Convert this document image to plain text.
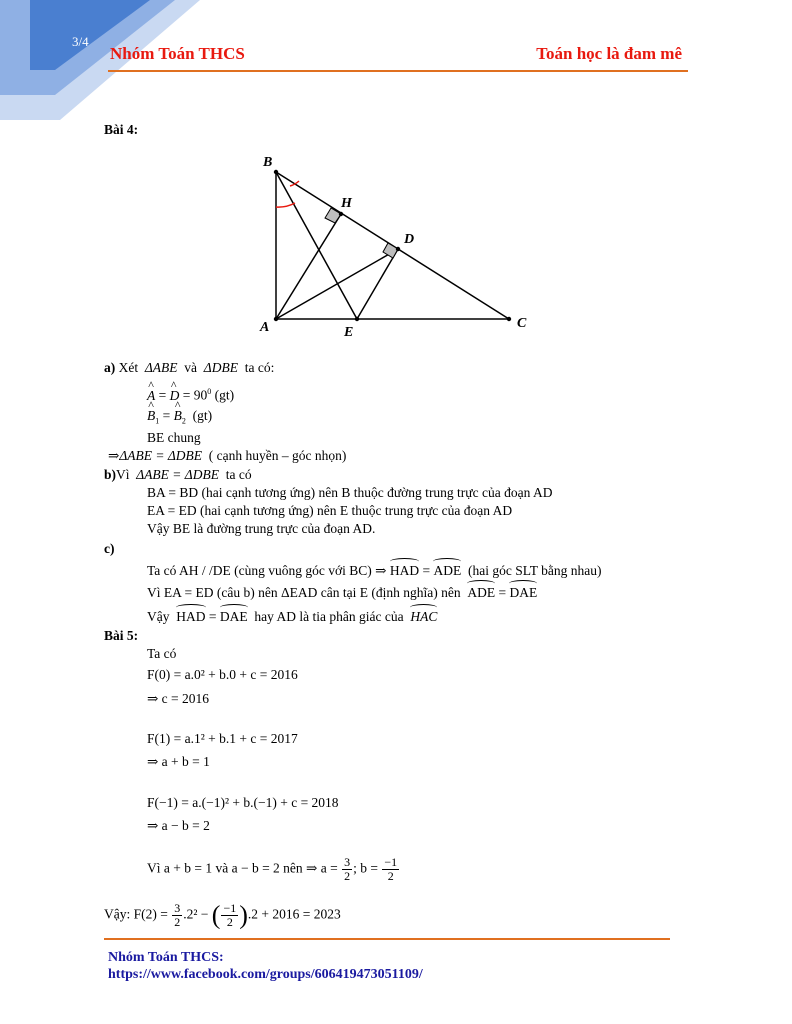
3/4
Nhóm Toán THCS	Toán học là đam mê
Bài 4:
B
H
D
A	E
C
a) Xét ΔABE và ΔDBE ta có:
^ A = ^ $D = 90^0$ (gt)
^ $B_1$ = ^ $B_2$ (gt)
BE chung
⇒ΔABE = ΔDBE ( cạnh huyền – góc nhọn)
b)Vì ΔABE = ΔDBE ta có
BA = BD (hai cạnh tương ứng) nên B thuộc đường trung trực của đoạn AD
EA = ED (hai cạnh tương ứng) nên E thuộc trung trực của đoạn AD
Vậy BE là đường trung trực của đoạn AD.
c)
Ta có AH / /DE (cùng vuông góc với BC) ⇒ HAD = ADE (hai góc SLT bằng nhau)
Vì EA = ED (câu b) nên ΔEAD cân tại E (định nghĩa) nên ADE = DAE
Vậy HAD = DAE hay AD là tia phân giác của HAC
Bài 5:
Ta có
F(0) = a.0² + b.0 + c = 2016
⇒ c = 2016
F(1) = a.1² + b.1 + c = 2017
⇒ a + b = 1
F(−1) = a.(−1)² + b.(−1) + c = 2018
⇒ a − b = 2
Vì a + b = 1 và a − b = 2 nên ⇒ $a = \frac{3}{2}$ ; $b = \frac{-1}{2}$
Vậy: $F(2) = \frac{3}{2} .2^2$ − ( $\frac{-1}{2} ).2 + 2016 = 2023$
Nhóm Toán THCS:
https://www.facebook.com/groups/606419473051109/
